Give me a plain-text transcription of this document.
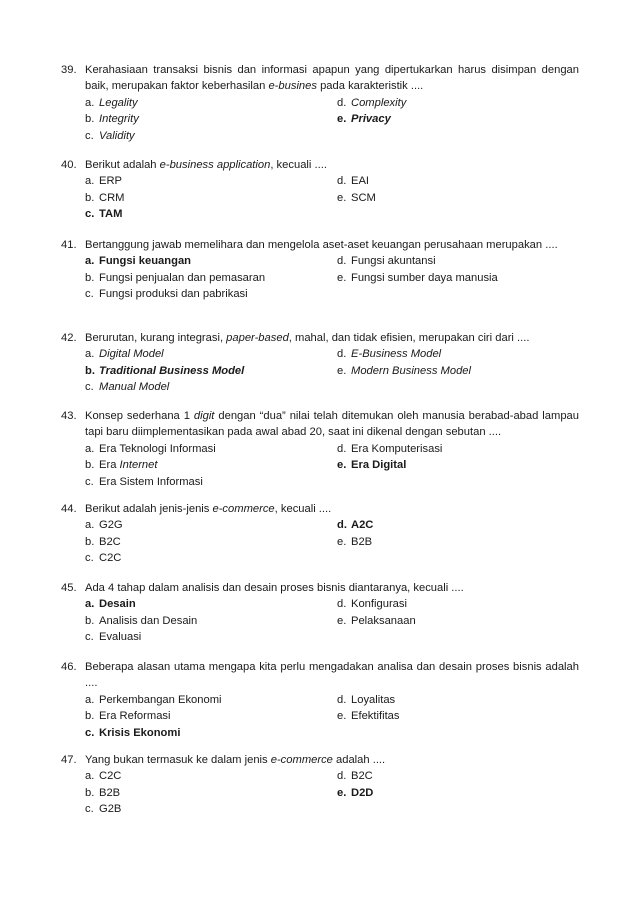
39. Kerahasiaan transaksi bisnis dan informasi apapun yang dipertukarkan harus disimpan dengan baik, merupakan faktor keberhasilan e-busines pada karakteristik ....
a. Legality	d. Complexity
b. Integrity	e. Privacy
c. Validity
40. Berikut adalah e-business application, kecuali ....
a. ERP	d. EAI
b. CRM	e. SCM
c. TAM
41. Bertanggung jawab memelihara dan mengelola aset-aset keuangan perusahaan merupakan ....
a. Fungsi keuangan	d. Fungsi akuntansi
b. Fungsi penjualan dan pemasaran	e. Fungsi sumber daya manusia
c. Fungsi produksi dan pabrikasi
42. Berurutan, kurang integrasi, paper-based, mahal, dan tidak efisien, merupakan ciri dari ....
a. Digital Model	d. E-Business Model
b. Traditional Business Model	e. Modern Business Model
c. Manual Model
43. Konsep sederhana 1 digit dengan “dua” nilai telah ditemukan oleh manusia berabad-abad lampau tapi baru diimplementasikan pada awal abad 20, saat ini dikenal dengan sebutan ....
a. Era Teknologi Informasi	d. Era Komputerisasi
b. Era Internet	e. Era Digital
c. Era Sistem Informasi
44. Berikut adalah jenis-jenis e-commerce, kecuali ....
a. G2G	d. A2C
b. B2C	e. B2B
c. C2C
45. Ada 4 tahap dalam analisis dan desain proses bisnis diantaranya, kecuali ....
a. Desain	d. Konfigurasi
b. Analisis dan Desain	e. Pelaksanaan
c. Evaluasi
46. Beberapa alasan utama mengapa kita perlu mengadakan analisa dan desain proses bisnis adalah ....
a. Perkembangan Ekonomi	d. Loyalitas
b. Era Reformasi	e. Efektifitas
c. Krisis Ekonomi
47. Yang bukan termasuk ke dalam jenis e-commerce adalah ....
a. C2C	d. B2C
b. B2B	e. D2D
c. G2B
